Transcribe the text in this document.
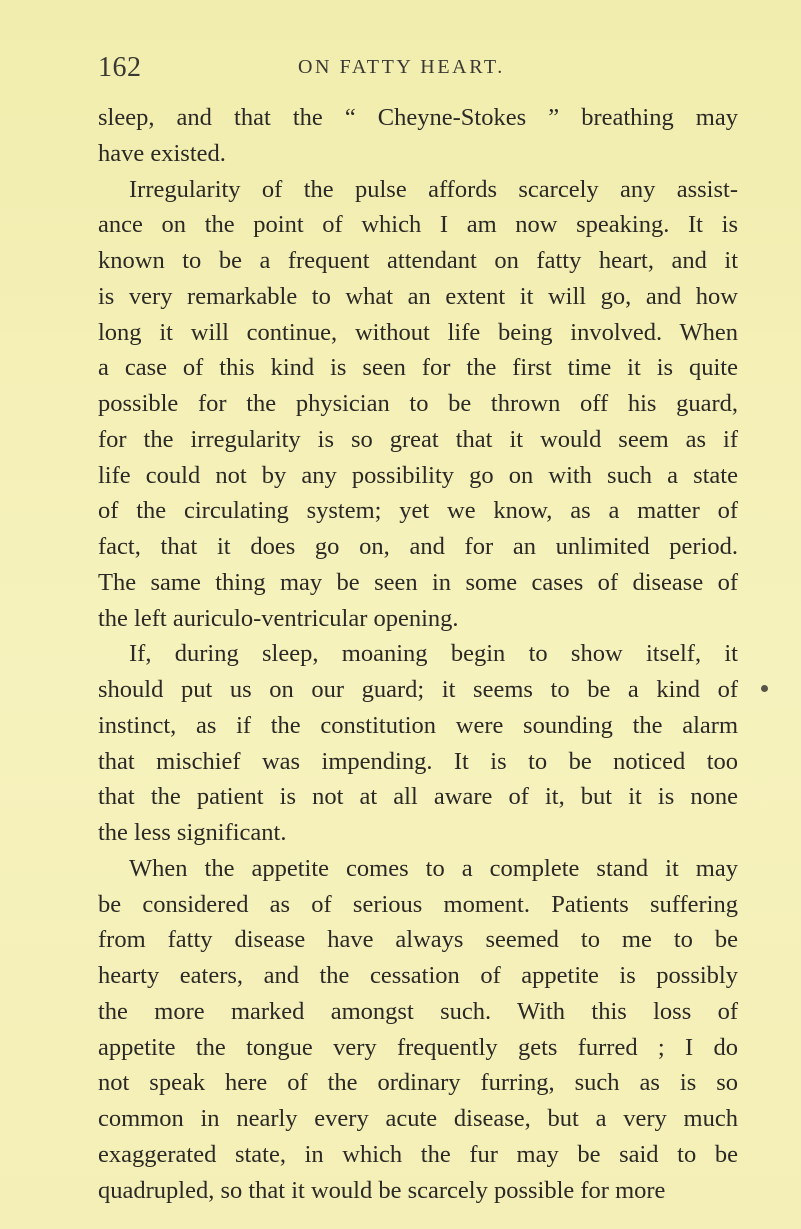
162	ON FATTY HEART.
sleep, and that the “ Cheyne-Stokes ” breathing may
have existed.
Irregularity of the pulse affords scarcely any assist-
ance on the point of which I am now speaking. It is
known to be a frequent attendant on fatty heart, and it
is very remarkable to what an extent it will go, and how
long it will continue, without life being involved. When
a case of this kind is seen for the first time it is quite
possible for the physician to be thrown off his guard,
for the irregularity is so great that it would seem as if
life could not by any possibility go on with such a state
of the circulating system; yet we know, as a matter of
fact, that it does go on, and for an unlimited period.
The same thing may be seen in some cases of disease of
the left auriculo-ventricular opening.
If, during sleep, moaning begin to show itself, it
should put us on our guard; it seems to be a kind of
instinct, as if the constitution were sounding the alarm
that mischief was impending. It is to be noticed too
that the patient is not at all aware of it, but it is none
the less significant.
When the appetite comes to a complete stand it may
be considered as of serious moment. Patients suffering
from fatty disease have always seemed to me to be
hearty eaters, and the cessation of appetite is possibly
the more marked amongst such. With this loss of
appetite the tongue very frequently gets furred ; I do
not speak here of the ordinary furring, such as is so
common in nearly every acute disease, but a very much
exaggerated state, in which the fur may be said to be
quadrupled, so that it would be scarcely possible for more
